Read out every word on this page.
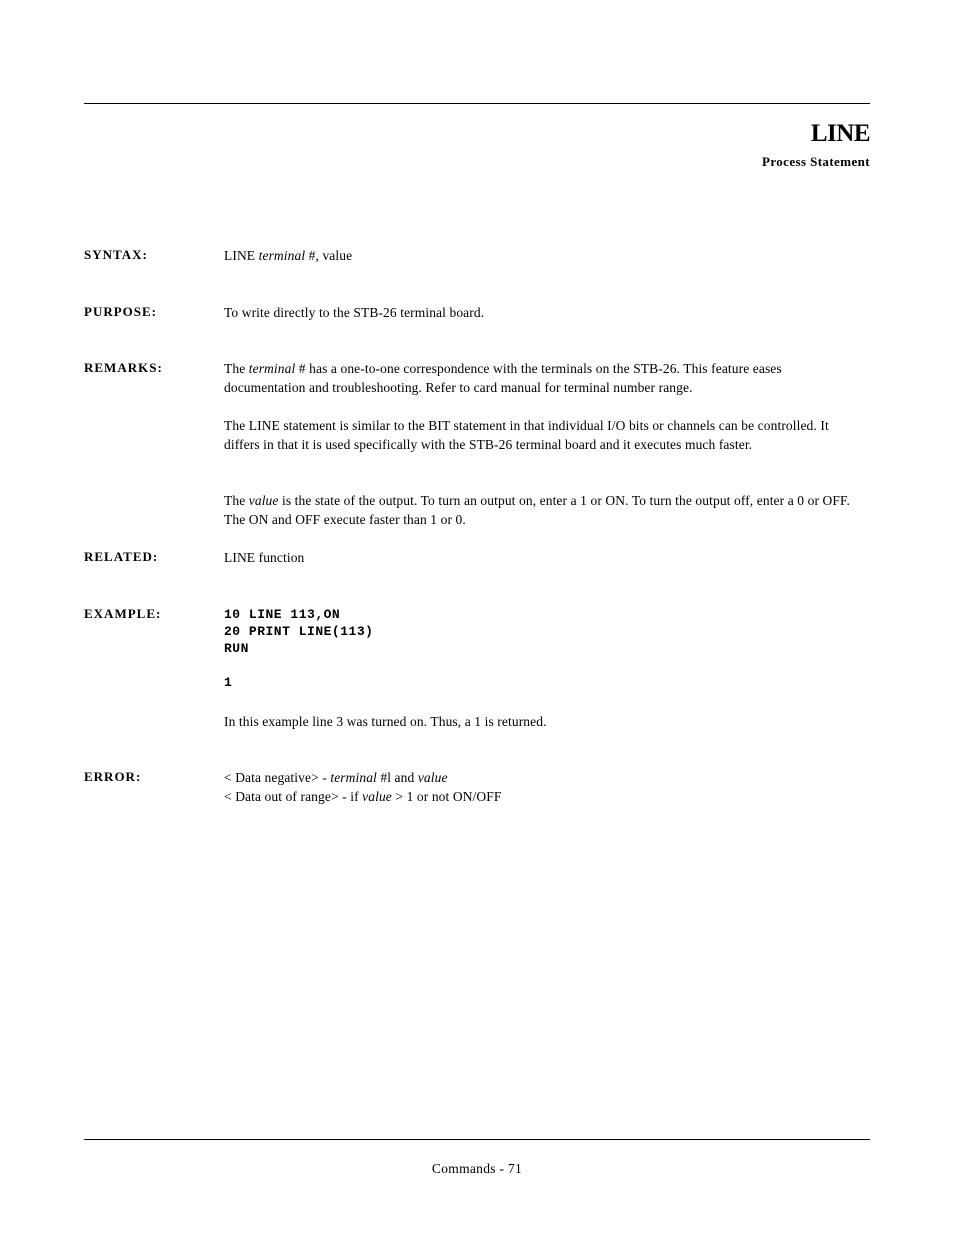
LINE
Process Statement
SYNTAX:	LINE terminal #, value
PURPOSE:	To write directly to the STB-26 terminal board.
REMARKS:	The terminal # has a one-to-one correspondence with the terminals on the STB-26. This feature eases documentation and troubleshooting. Refer to card manual for terminal number range.
The LINE statement is similar to the BIT statement in that individual I/O bits or channels can be controlled. It differs in that it is used specifically with the STB-26 terminal board and it executes much faster.
The value is the state of the output. To turn an output on, enter a 1 or ON. To turn the output off, enter a 0 or OFF. The ON and OFF execute faster than 1 or 0.
RELATED:	LINE function
EXAMPLE:	10 LINE 113,ON
20 PRINT LINE(113)
RUN
1
In this example line 3 was turned on. Thus, a 1 is returned.
ERROR:	< Data negative> - terminal #l and value
< Data out of range> - if value > 1 or not ON/OFF
Commands - 71
